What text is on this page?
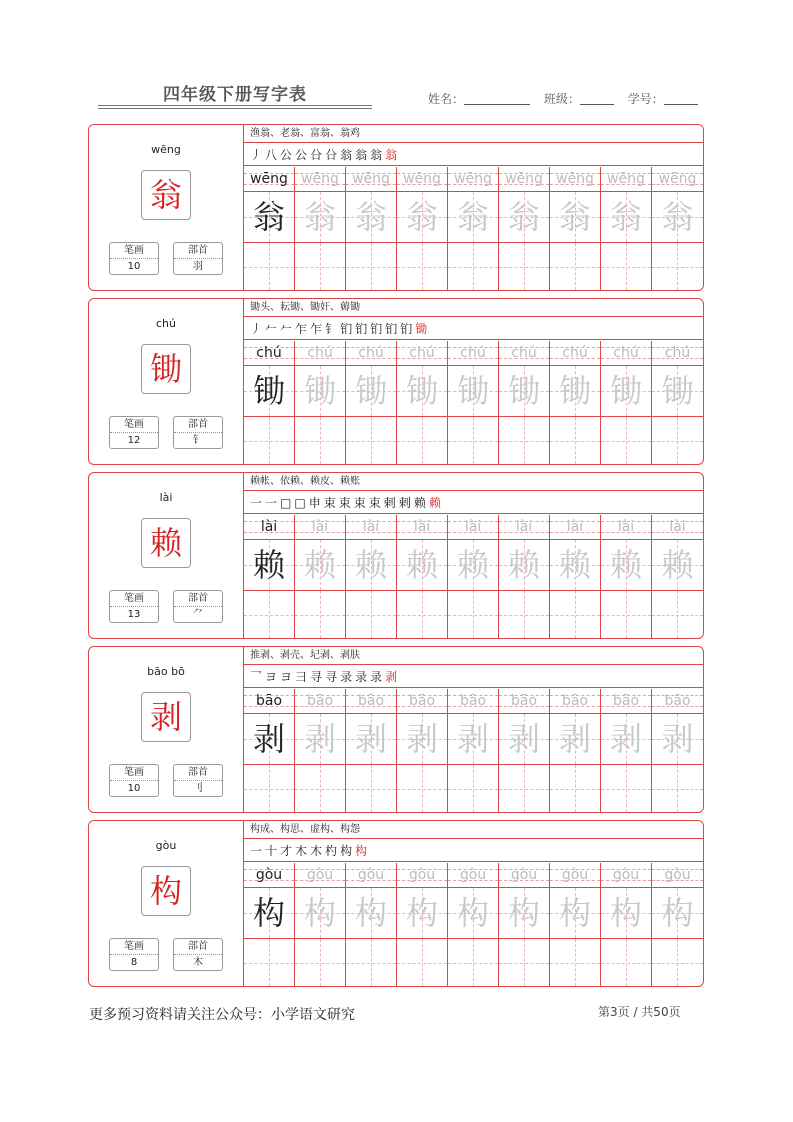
四年级下册写字表	姓名：	班级：	学号：
wēng
翁
笔画
10
部首
羽
渔翁、老翁、富翁、翁鸡
丿八公公㕣㕣翁翁翁翁
wēng wēng wēng wēng wēng wēng wēng wēng wēng
翁 翁 翁 翁 翁 翁 翁 翁 翁
chú
锄
笔画
12
部首
钅
锄头、耘锄、锄奸、薅锄
丿𠂉𠂉乍乍钅钔钔钔钔钔锄
chú	chú	chú	chú	chú	chú	chú	chú	chú
锄 锄 锄 锄 锄 锄 锄 锄 锄
lài
赖
笔画
13
部首
⺈
赖帐、依赖、赖皮、赖账
一一□□申束束束束剌剌赖赖
lài	lài	lài	lài	lài	lài	lài	lài	lài
赖 赖 赖 赖 赖 赖 赖 赖 赖
bāo bō
剥
笔画
10
部首
刂
推剥、剥壳、圮剥、剥肤
乛ヨヨ彐寻寻录录录剥
bāo	bāo	bāo	bāo	bāo	bāo	bāo	bāo	bāo
剥 剥 剥 剥 剥 剥 剥 剥 剥
gòu
构
笔画
8
部首
木
构成、构思、虚构、构怨
一十才木木杓构构
gòu	gòu	gòu	gòu	gòu	gòu	gòu	gòu	gòu
构 构 构 构 构 构 构 构 构
更多预习资料请关注公众号：小学语文研究	第3页 / 共50页
